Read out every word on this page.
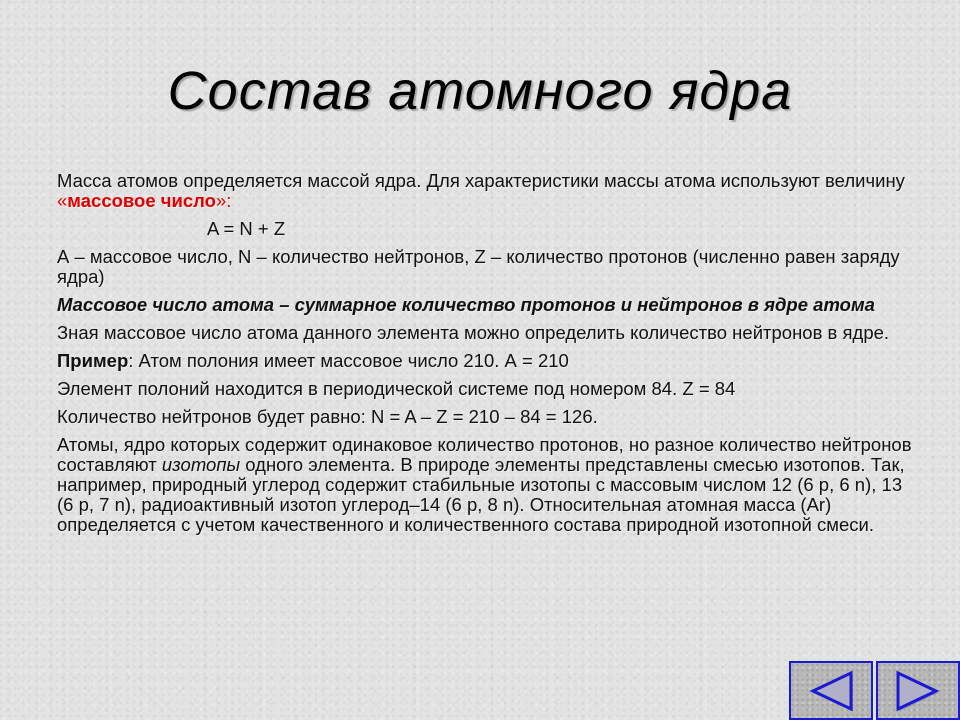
Состав атомного ядра

Масса атомов определяется массой ядра. Для характеристики массы атома используют величину «массовое число»:

A = N + Z

А – массовое число, N – количество нейтронов, Z – количество протонов (численно равен заряду ядра)

Массовое число атома – суммарное количество протонов и нейтронов в ядре атома

Зная массовое число атома данного элемента можно определить количество нейтронов в ядре.

Пример: Атом полония имеет массовое число 210. А = 210

Элемент полоний находится в периодической системе под номером 84. Z = 84

Количество нейтронов будет равно: N = A – Z = 210 – 84 = 126.

Атомы, ядро которых содержит одинаковое количество протонов, но разное количество нейтронов составляют изотопы одного элемента. В природе элементы представлены смесью изотопов. Так, например, природный углерод содержит стабильные изотопы с массовым числом 12 (6 p, 6 n), 13 (6 p, 7 n), радиоактивный изотоп углерод–14 (6 p, 8 n). Относительная атомная масса (Ar) определяется с учетом качественного и количественного состава природной изотопной смеси.
